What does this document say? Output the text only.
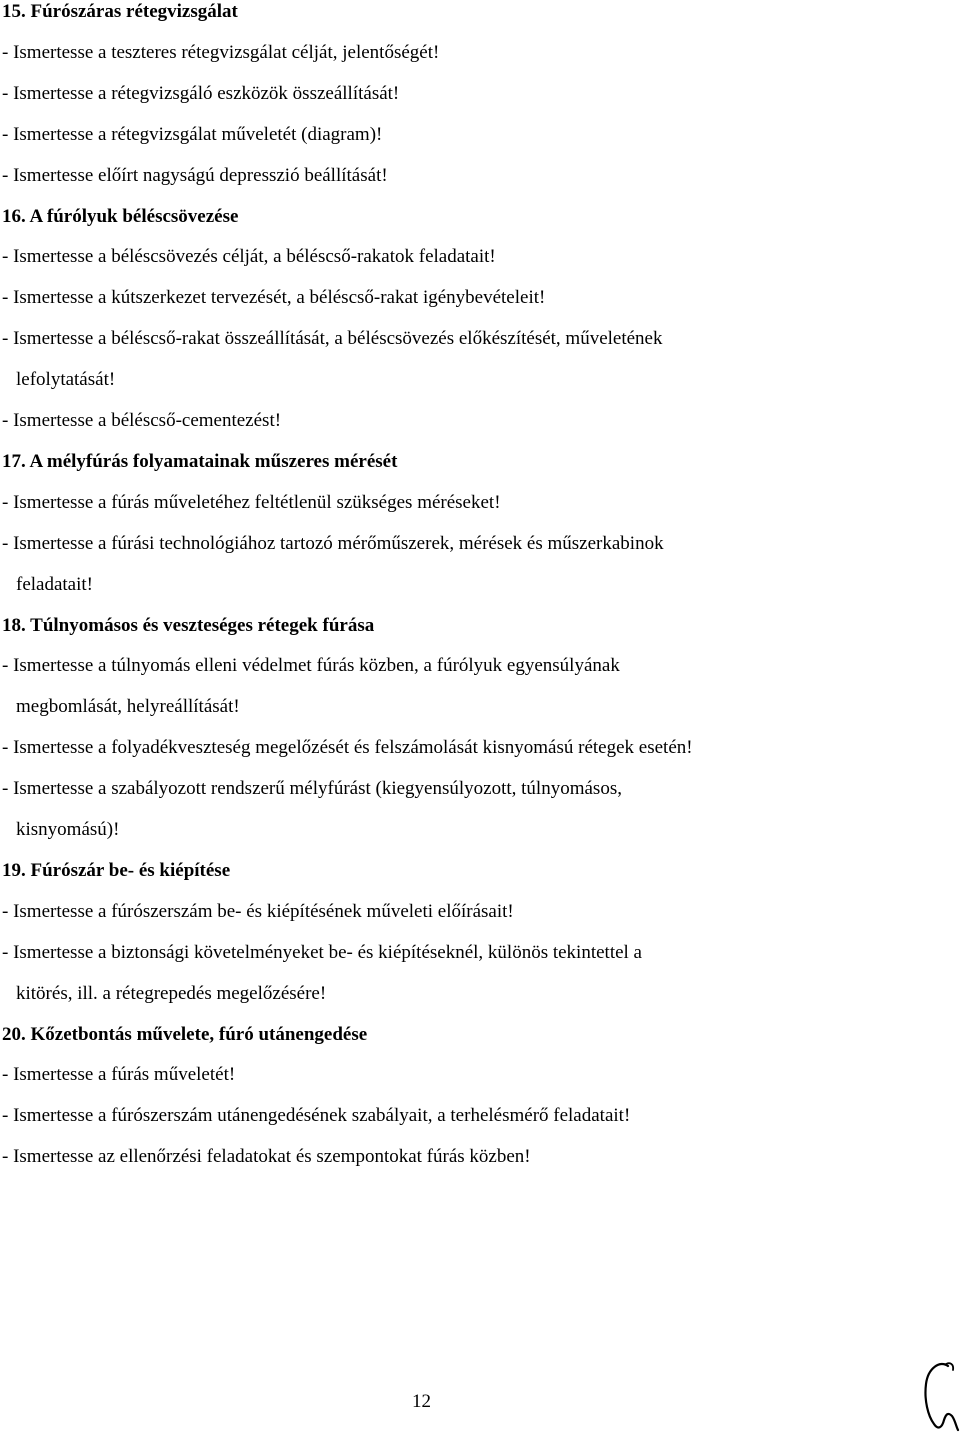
15. Fúrószáras rétegvizsgálat
- Ismertesse a teszteres rétegvizsgálat célját, jelentőségét!
- Ismertesse a rétegvizsgáló eszközök összeállítását!
- Ismertesse a rétegvizsgálat műveletét (diagram)!
- Ismertesse előírt nagyságú depresszió beállítását!
16. A fúrólyuk béléscsövezése
- Ismertesse a béléscsövezés célját, a béléscső-rakatok feladatait!
- Ismertesse a kútszerkezet tervezését, a béléscső-rakat igénybevételeit!
- Ismertesse a béléscső-rakat összeállítását, a béléscsövezés előkészítését, műveletének
lefolytatását!
- Ismertesse a béléscső-cementezést!
17. A mélyfúrás folyamatainak műszeres mérését
- Ismertesse a fúrás műveletéhez feltétlenül szükséges méréseket!
- Ismertesse a fúrási technológiához tartozó mérőműszerek, mérések és műszerkabinok
feladatait!
18. Túlnyomásos és veszteséges rétegek fúrása
- Ismertesse a túlnyomás elleni védelmet fúrás közben, a fúrólyuk egyensúlyának
megbomlását, helyreállítását!
- Ismertesse a folyadékveszteség megelőzését és felszámolását kisnyomású rétegek esetén!
- Ismertesse a szabályozott rendszerű mélyfúrást (kiegyensúlyozott, túlnyomásos,
kisnyomású)!
19. Fúrószár be- és kiépítése
- Ismertesse a fúrószerszám be- és kiépítésének műveleti előírásait!
- Ismertesse a biztonsági követelményeket be- és kiépítéseknél, különös tekintettel a
kitörés, ill. a rétegrepedés megelőzésére!
20. Kőzetbontás művelete, fúró utánengedése
- Ismertesse a fúrás műveletét!
- Ismertesse a fúrószerszám utánengedésének szabályait, a terhelésmérő feladatait!
- Ismertesse az ellenőrzési feladatokat és szempontokat fúrás közben!
12
